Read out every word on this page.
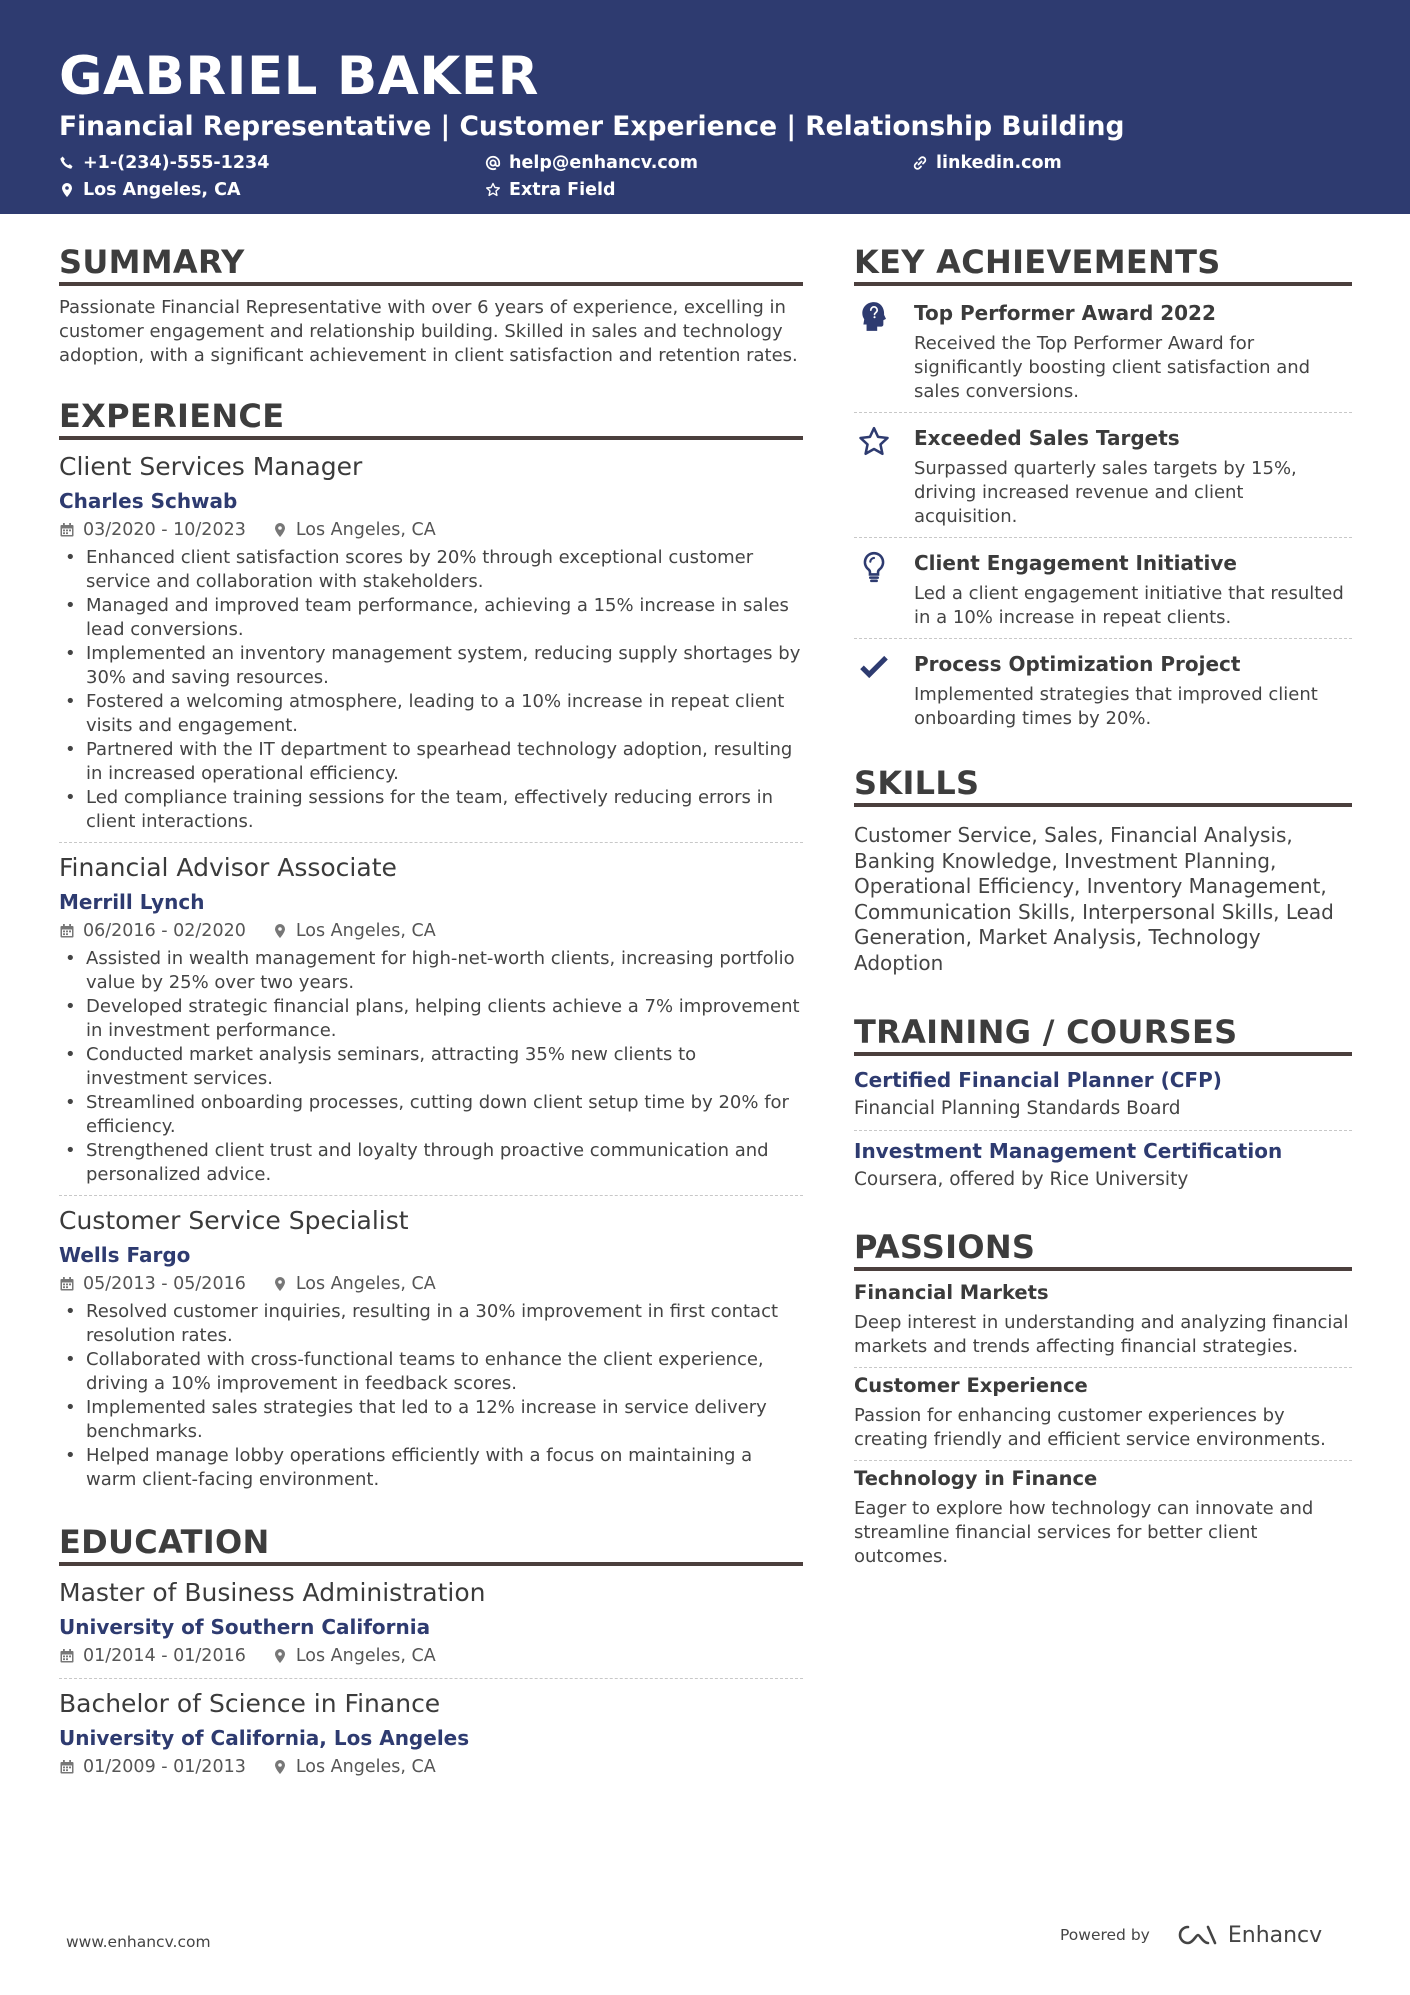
GABRIEL BAKER
Financial Representative | Customer Experience | Relationship Building
+1-(234)-555-1234	help@enhancv.com	linkedin.com
Los Angeles, CA	Extra Field
SUMMARY
Passionate Financial Representative with over 6 years of experience, excelling in customer engagement and relationship building. Skilled in sales and technology adoption, with a significant achievement in client satisfaction and retention rates.
EXPERIENCE
Client Services Manager
Charles Schwab
03/2020 - 10/2023	Los Angeles, CA
• Enhanced client satisfaction scores by 20% through exceptional customer service and collaboration with stakeholders.
• Managed and improved team performance, achieving a 15% increase in sales lead conversions.
• Implemented an inventory management system, reducing supply shortages by 30% and saving resources.
• Fostered a welcoming atmosphere, leading to a 10% increase in repeat client visits and engagement.
• Partnered with the IT department to spearhead technology adoption, resulting in increased operational efficiency.
• Led compliance training sessions for the team, effectively reducing errors in client interactions.
Financial Advisor Associate
Merrill Lynch
06/2016 - 02/2020	Los Angeles, CA
• Assisted in wealth management for high-net-worth clients, increasing portfolio value by 25% over two years.
• Developed strategic financial plans, helping clients achieve a 7% improvement in investment performance.
• Conducted market analysis seminars, attracting 35% new clients to investment services.
• Streamlined onboarding processes, cutting down client setup time by 20% for efficiency.
• Strengthened client trust and loyalty through proactive communication and personalized advice.
Customer Service Specialist
Wells Fargo
05/2013 - 05/2016	Los Angeles, CA
• Resolved customer inquiries, resulting in a 30% improvement in first contact resolution rates.
• Collaborated with cross-functional teams to enhance the client experience, driving a 10% improvement in feedback scores.
• Implemented sales strategies that led to a 12% increase in service delivery benchmarks.
• Helped manage lobby operations efficiently with a focus on maintaining a warm client-facing environment.
EDUCATION
Master of Business Administration
University of Southern California
01/2014 - 01/2016	Los Angeles, CA
Bachelor of Science in Finance
University of California, Los Angeles
01/2009 - 01/2013	Los Angeles, CA
KEY ACHIEVEMENTS
Top Performer Award 2022
Received the Top Performer Award for significantly boosting client satisfaction and sales conversions.
Exceeded Sales Targets
Surpassed quarterly sales targets by 15%, driving increased revenue and client acquisition.
Client Engagement Initiative
Led a client engagement initiative that resulted in a 10% increase in repeat clients.
Process Optimization Project
Implemented strategies that improved client onboarding times by 20%.
SKILLS
Customer Service, Sales, Financial Analysis, Banking Knowledge, Investment Planning, Operational Efficiency, Inventory Management, Communication Skills, Interpersonal Skills, Lead Generation, Market Analysis, Technology Adoption
TRAINING / COURSES
Certified Financial Planner (CFP)
Financial Planning Standards Board
Investment Management Certification
Coursera, offered by Rice University
PASSIONS
Financial Markets
Deep interest in understanding and analyzing financial markets and trends affecting financial strategies.
Customer Experience
Passion for enhancing customer experiences by creating friendly and efficient service environments.
Technology in Finance
Eager to explore how technology can innovate and streamline financial services for better client outcomes.
www.enhancv.com	Powered by	Enhancv
